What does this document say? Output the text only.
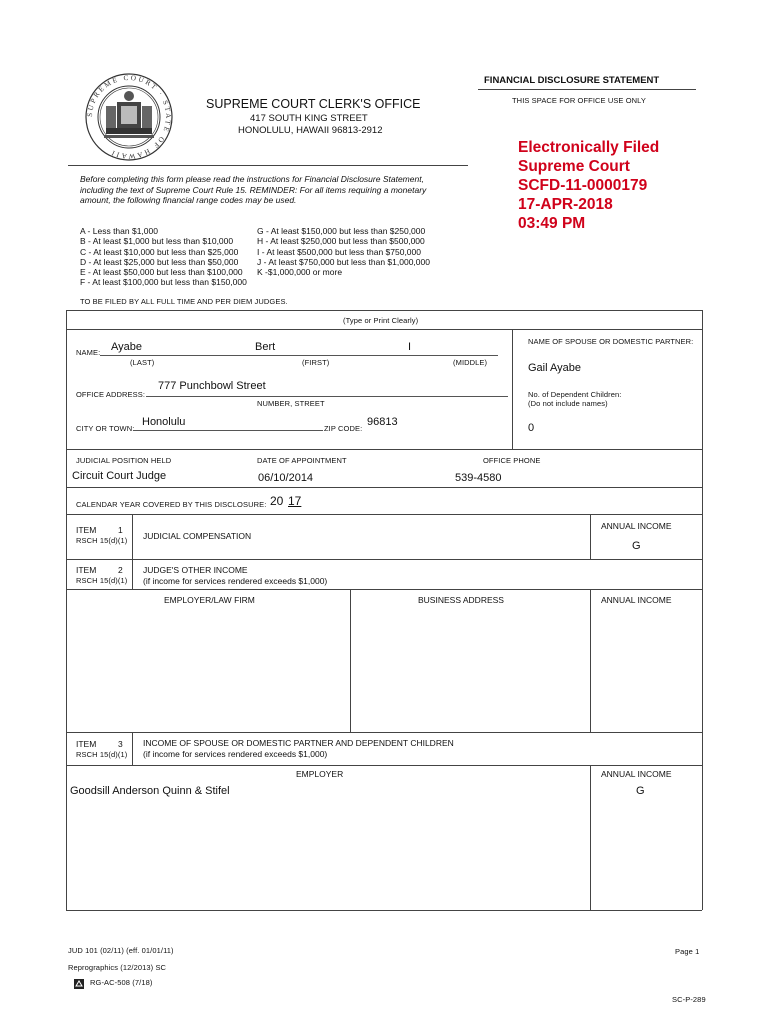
FINANCIAL DISCLOSURE STATEMENT
THIS SPACE FOR OFFICE USE ONLY
SUPREME COURT · STATE OF HAWAII
SUPREME COURT CLERK'S OFFICE
417 SOUTH KING STREET
HONOLULU, HAWAII 96813-2912
Electronically Filed
Supreme Court
SCFD-11-0000179
17-APR-2018
03:49 PM
Before completing this form please read the instructions for Financial Disclosure Statement,
including the text of Supreme Court Rule 15. REMINDER: For all items requiring a monetary
amount, the following financial range codes may be used.
A - Less than $1,000
B - At least $1,000 but less than $10,000
C - At least $10,000 but less than $25,000
D - At least $25,000 but less than $50,000
E - At least $50,000 but less than $100,000
F - At least $100,000 but less than $150,000
G - At least $150,000 but less than $250,000
H - At least $250,000 but less than $500,000
I - At least $500,000 but less than $750,000
J - At least $750,000 but less than $1,000,000
K -$1,000,000 or more
TO BE FILED BY ALL FULL TIME AND PER DIEM JUDGES.
(Type or Print Clearly)
NAME OF SPOUSE OR DOMESTIC PARTNER:
Gail Ayabe
No. of Dependent Children:
(Do not include names)
0
NAME: Ayabe	Bert	I
(LAST)	(FIRST)	(MIDDLE)
OFFICE ADDRESS:
777 Punchbowl Street
NUMBER, STREET
CITY OR TOWN:
Honolulu
ZIP CODE:
96813
JUDICIAL POSITION HELD	DATE OF APPOINTMENT	OFFICE PHONE
Circuit Court Judge	06/10/2014	539-4580
CALENDAR YEAR COVERED BY THIS DISCLOSURE: 20 17
ITEM	1
RSCH 15(d)(1) JUDICIAL COMPENSATION
ANNUAL INCOME
G
ITEM	2
RSCH 15(d)(1)
JUDGE'S OTHER INCOME
(if income for services rendered exceeds $1,000)
EMPLOYER/LAW FIRM	BUSINESS ADDRESS	ANNUAL INCOME
ITEM	3
RSCH 15(d)(1)
INCOME OF SPOUSE OR DOMESTIC PARTNER AND DEPENDENT CHILDREN
(if income for services rendered exceeds $1,000)
EMPLOYER	ANNUAL INCOME
Goodsill Anderson Quinn & Stifel	G
JUD 101 (02/11) (eff. 01/01/11)
Reprographics (12/2013) SC
RG-AC-508 (7/18)
Page 1
SC-P-289
